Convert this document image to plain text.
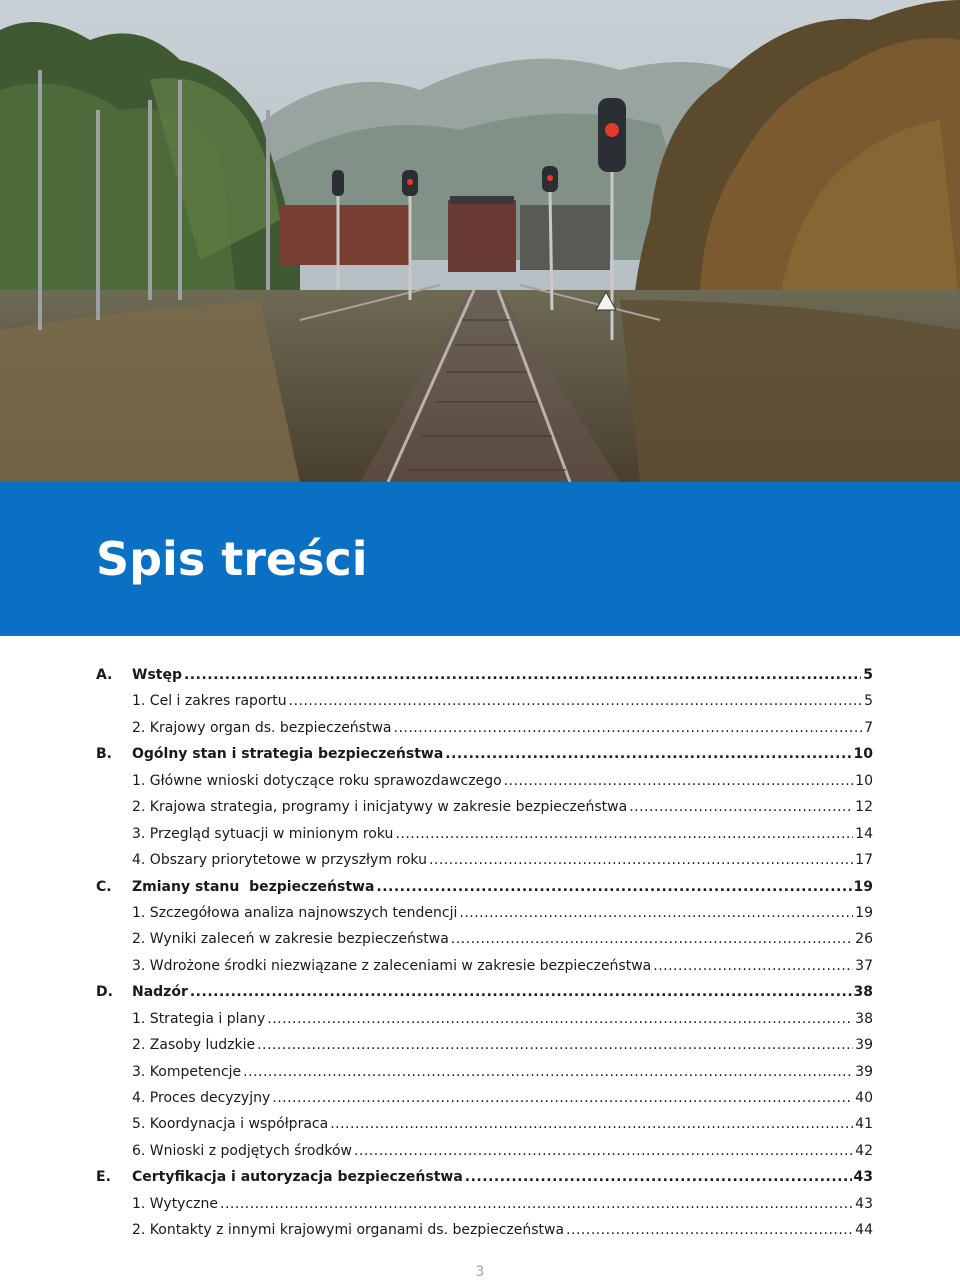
Spis treści
A.	Wstęp .....	5
1. Cel i zakres raportu .....	5
2. Krajowy organ ds. bezpieczeństwa .....	7
B.	Ogólny stan i strategia bezpieczeństwa .....	10
1. Główne wnioski dotyczące roku sprawozdawczego .....	10
2. Krajowa strategia, programy i inicjatywy w zakresie bezpieczeństwa .....	12
3. Przegląd sytuacji w minionym roku .....	14
4. Obszary priorytetowe w przyszłym roku .....	17
C.	Zmiany stanu  bezpieczeństwa .....	19
1. Szczegółowa analiza najnowszych tendencji .....	19
2. Wyniki zaleceń w zakresie bezpieczeństwa .....	26
3. Wdrożone środki niezwiązane z zaleceniami w zakresie bezpieczeństwa .....	37
D.	Nadzór .....	38
1. Strategia i plany .....	38
2. Zasoby ludzkie .....	39
3. Kompetencje .....	39
4. Proces decyzyjny .....	40
5. Koordynacja i współpraca .....	41
6. Wnioski z podjętych środków .....	42
E.	Certyfikacja i autoryzacja bezpieczeństwa .....	43
1. Wytyczne .....	43
2. Kontakty z innymi krajowymi organami ds. bezpieczeństwa .....	44
3
